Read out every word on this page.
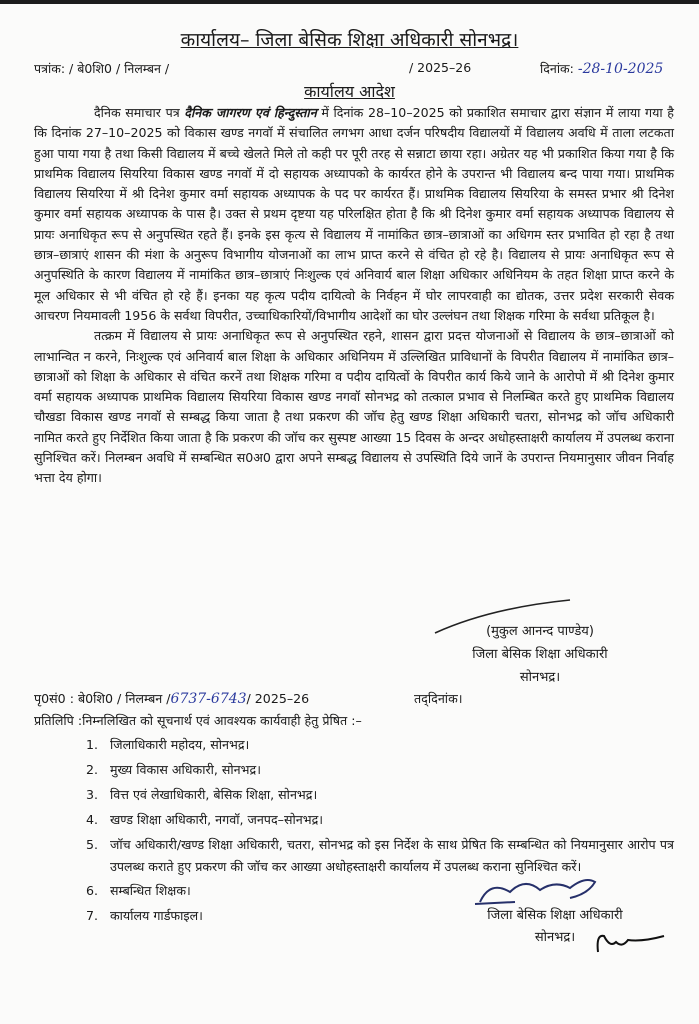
कार्यालय– जिला बेसिक शिक्षा अधिकारी सोनभद्र।
पत्रांक: / बे0शि0 / निलम्बन /	/ 2025–26	दिनांक: -28-10-2025
कार्यालय आदेश

दैनिक समाचार पत्र दैनिक जागरण एवं हिन्दुस्तान में दिनांक 28–10–2025 को प्रकाशित समाचार द्वारा संज्ञान में लाया गया है कि दिनांक 27–10–2025 को विकास खण्ड नगवॉ में संचालित लगभग आधा दर्जन परिषदीय विद्यालयों में विद्यालय अवधि में ताला लटकता हुआ पाया गया है तथा किसी विद्यालय में बच्चे खेलते मिले तो कही पर पूरी तरह से सन्नाटा छाया रहा। अग्रेतर यह भी प्रकाशित किया गया है कि प्राथमिक विद्यालय सियरिया विकास खण्ड नगवॉ में दो सहायक अध्यापको के कार्यरत होने के उपरान्त भी विद्यालय बन्द पाया गया। प्राथमिक विद्यालय सियरिया में श्री दिनेश कुमार वर्मा सहायक अध्यापक के पद पर कार्यरत हैं। प्राथमिक विद्यालय सियरिया के समस्त प्रभार श्री दिनेश कुमार वर्मा सहायक अध्यापक के पास है। उक्त से प्रथम दृष्टया यह परिलक्षित होता है कि श्री दिनेश कुमार वर्मा सहायक अध्यापक विद्यालय से प्रायः अनाधिकृत रूप से अनुपस्थित रहते हैं। इनके इस कृत्य से विद्यालय में नामांकित छात्र–छात्राओं का अधिगम स्तर प्रभावित हो रहा है तथा छात्र–छात्राएं शासन की मंशा के अनुरूप विभागीय योजनाओं का लाभ प्राप्त करने से वंचित हो रहे है। विद्यालय से प्रायः अनाधिकृत रूप से अनुपस्थिति के कारण विद्यालय में नामांकित छात्र–छात्राएं निःशुल्क एवं अनिवार्य बाल शिक्षा अधिकार अधिनियम के तहत शिक्षा प्राप्त करने के मूल अधिकार से भी वंचित हो रहे हैं। इनका यह कृत्य पदीय दायित्वो के निर्वहन में घोर लापरवाही का द्योतक, उत्तर प्रदेश सरकारी सेवक आचरण नियमावली 1956 के सर्वथा विपरीत, उच्चाधिकारियों/विभागीय आदेशों का घोर उल्लंघन तथा शिक्षक गरिमा के सर्वथा प्रतिकूल है।

तत्क्रम में विद्यालय से प्रायः अनाधिकृत रूप से अनुपस्थित रहने, शासन द्वारा प्रदत्त योजनाओं से विद्यालय के छात्र–छात्राओं को लाभान्वित न करने, निःशुल्क एवं अनिवार्य बाल शिक्षा के अधिकार अधिनियम में उल्लिखित प्राविधानों के विपरीत विद्यालय में नामांकित छात्र–छात्राओं को शिक्षा के अधिकार से वंचित करनें तथा शिक्षक गरिमा व पदीय दायित्वों के विपरीत कार्य किये जाने के आरोपो में श्री दिनेश कुमार वर्मा सहायक अध्यापक प्राथमिक विद्यालय सियरिया विकास खण्ड नगवॉ सोनभद्र को तत्काल प्रभाव से निलम्बित करते हुए प्राथमिक विद्यालय चौखडा विकास खण्ड नगवॉ से सम्बद्ध किया जाता है तथा प्रकरण की जॉच हेतु खण्ड शिक्षा अधिकारी चतरा, सोनभद्र को जॉच अधिकारी नामित करते हुए निर्देशित किया जाता है कि प्रकरण की जॉच कर सुस्पष्ट आख्या 15 दिवस के अन्दर अधोहस्ताक्षरी कार्यालय में उपलब्ध कराना सुनिश्चित करें। निलम्बन अवधि में सम्बन्धित स0अ0 द्वारा अपने सम्बद्ध विद्यालय से उपस्थिति दिये जानें के उपरान्त नियमानुसार जीवन निर्वाह भत्ता देय होगा।

(मुकुल आनन्द पाण्डेय)
जिला बेसिक शिक्षा अधिकारी
सोनभद्र।
पृ0सं0 : बे0शि0 / निलम्बन /6737-6743/ 2025–26	तद्‌दिनांक।
प्रतिलिपि :निम्नलिखित को सूचनार्थ एवं आवश्यक कार्यवाही हेतु प्रेषित :–
1. जिलाधिकारी महोदय, सोनभद्र।
2. मुख्य विकास अधिकारी, सोनभद्र।
3. वित्त एवं लेखाधिकारी, बेसिक शिक्षा, सोनभद्र।
4. खण्ड शिक्षा अधिकारी, नगवॉ, जनपद–सोनभद्र।
5. जॉच अधिकारी/खण्ड शिक्षा अधिकारी, चतरा, सोनभद्र को इस निर्देश के साथ प्रेषित कि सम्बन्धित को नियमानुसार आरोप पत्र उपलब्ध कराते हुए प्रकरण की जॉच कर आख्या अधोहस्ताक्षरी कार्यालय में उपलब्ध कराना सुनिश्चित करें।
6. सम्बन्धित शिक्षक।
7. कार्यालय गार्डफाइल।	जिला बेसिक शिक्षा अधिकारी
सोनभद्र।
